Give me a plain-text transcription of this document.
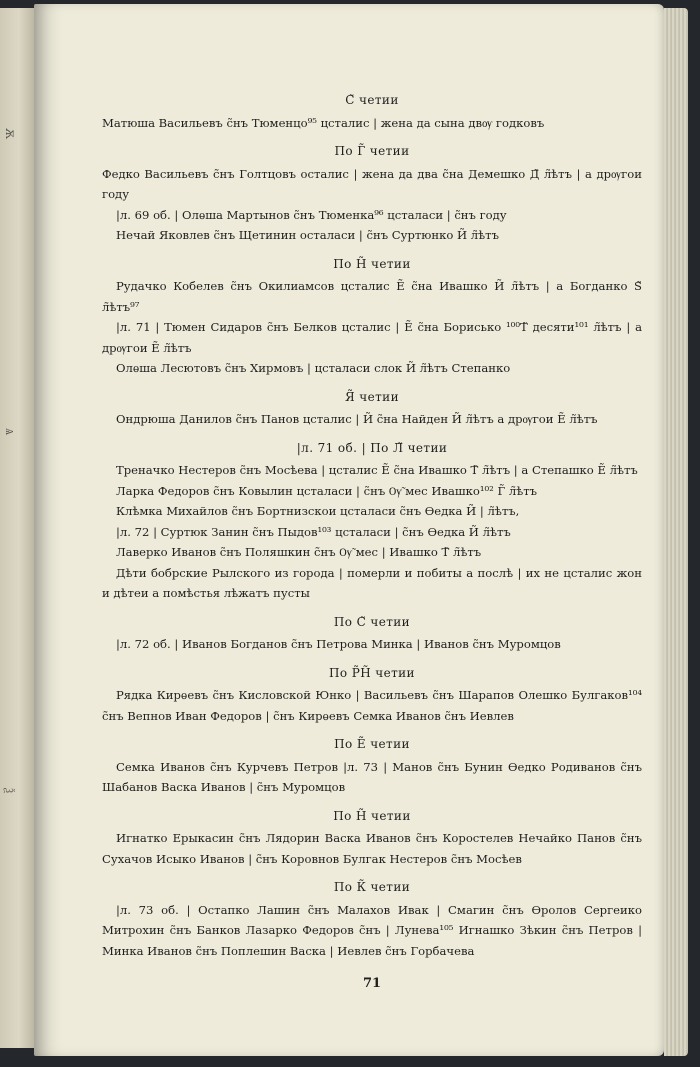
Ѫ
Ѧ
Ѯ
С̃ четии
Матюша Васильевъ с̃нъ Тюменцо⁹⁵ цсталис | жена да сына двѹ годковъ
По Г̃ четии
Федко Васильевъ с̃нъ Голтцовъ осталис | жена да два с̃на Демешко Д̃ л̃ѣтъ | а дрѹгои году
|л. 69 об. | Олѳша Мартынов с̃нъ Тюменка⁹⁶ цсталаси | с̃нъ году
Нечай Яковлев с̃нъ Щетинин осталаси | с̃нъ Суртюнко И̃ л̃ѣтъ
По Н̃ четии
Рудачко Кобелев с̃нъ Окилиамсов цсталис Е̃ с̃на Ивашко И̃ л̃ѣтъ | а Богданко Ѕ̃ л̃ѣтъ⁹⁷
|л. 71 | Тюмен Сидаров с̃нъ Белков цсталис | Е̃ с̃на Борисько ¹⁰⁰Т̃ десяти¹⁰¹ л̃ѣтъ | а дрѹгои Е̃ л̃ѣтъ
Олѳша Лесютовъ с̃нъ Хирмовъ | цсталаси слок И̃ л̃ѣтъ Степанко
Я̃ четии
Ондрюша Данилов с̃нъ Панов цсталис | И̃ с̃на Найден И̃ л̃ѣтъ а дрѹгои Е̃ л̃ѣтъ
|л. 71 об. | По Л̃ четии
Треначко Нестеров с̃нъ Мосѣева | цсталис Е̃ с̃на Ивашко Т̃ л̃ѣтъ | а Степашко Е̃ л̃ѣтъ
Ларка Федоров с̃нъ Ковылин цсталаси | с̃нъ Ѹ̃ мес Ивашко¹⁰² Г̃ л̃ѣтъ
Клѣмка Михайлов с̃нъ Бортнизскои цсталаси с̃нъ Ѳедка И̃ | л̃ѣтъ,
|л. 72 | Суртюк Занин с̃нъ Пыдов¹⁰³ цсталаси | с̃нъ Ѳедка И̃ л̃ѣтъ
Лаверко Иванов с̃нъ Поляшкин с̃нъ Ѹ̃ мес | Ивашко Т̃ л̃ѣтъ
Дѣти бобрские Рылского из города | померли и побиты а послѣ | их не цсталис жон и дѣтеи а помѣстья лѣжатъ пусты
По С̃ четии
|л. 72 об. | Иванов Богданов с̃нъ Петрова Минка | Иванов с̃нъ Муромцов
По Р̃Н̃ четии
Рядка Кирѳевъ с̃нъ Кисловской Юнко | Васильевъ с̃нъ Шарапов Олешко Булгаков¹⁰⁴ с̃нъ Вепнов Иван Федоров | с̃нъ Кирѳевъ Семка Иванов с̃нъ Иевлев
По Е̃ четии
Семка Иванов с̃нъ Курчевъ Петров |л. 73 | Манов с̃нъ Бунин Ѳедко Родиванов с̃нъ Шабанов Васка Иванов | с̃нъ Муромцов
По Н̃ четии
Игнатко Ерыкасин с̃нъ Лядорин Васка Иванов с̃нъ Коростелев Нечайко Панов с̃нъ Сухачов Исыко Иванов | с̃нъ Коровнов Булгак Нестеров с̃нъ Мосѣев
По К̃ четии
|л. 73 об. | Остапко Лашин с̃нъ Малахов Ивак | Смагин с̃нъ Ѳролов Сергеико Митрохин с̃нъ Банков Лазарко Федоров с̃нъ | Лунева¹⁰⁵ Игнашко Зѣкин с̃нъ Петров | Минка Иванов с̃нъ Поплешин Васка | Иевлев с̃нъ Горбачева
71
